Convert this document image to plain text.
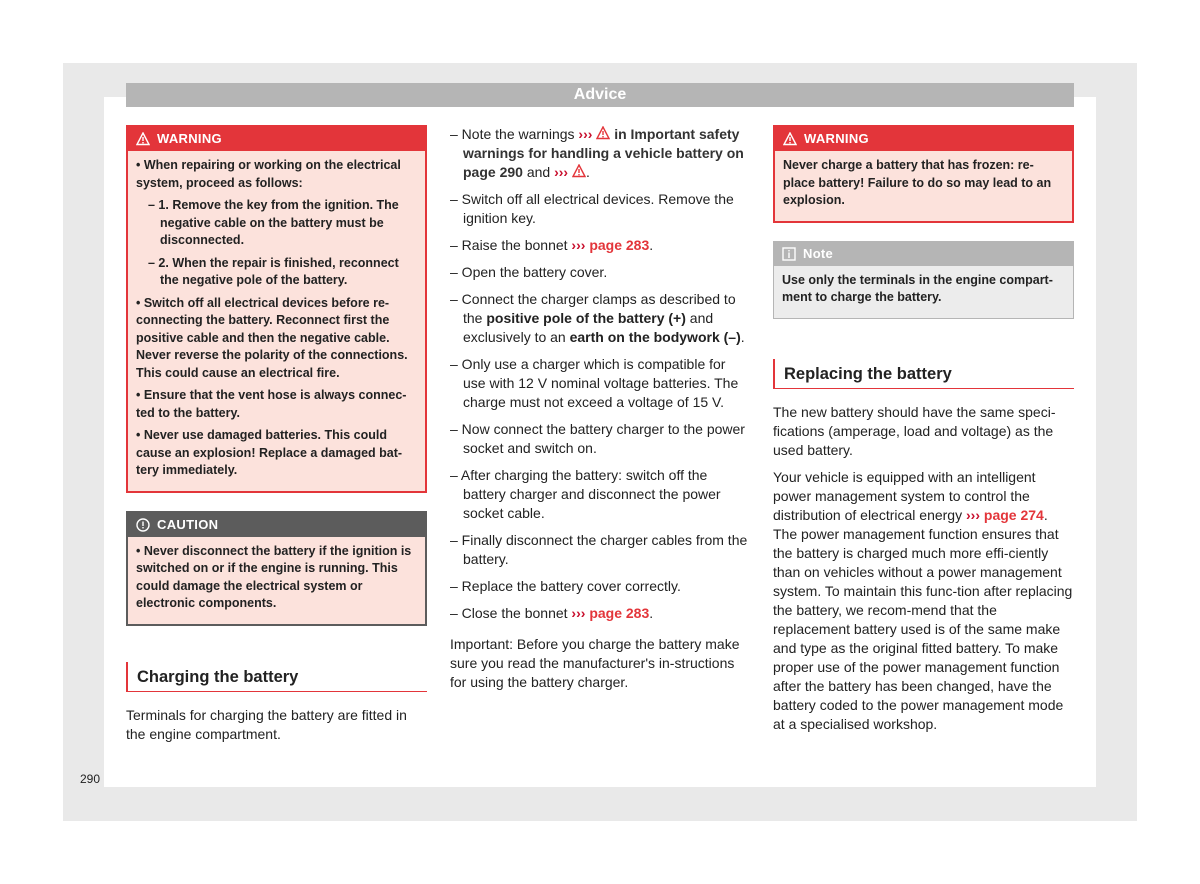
Advice
WARNING

• When repairing or working on the electrical system, proceed as follows:

– 1. Remove the key from the ignition. The negative cable on the battery must be disconnected.

– 2. When the repair is finished, reconnect the negative pole of the battery.

• Switch off all electrical devices before re-connecting the battery. Reconnect first the positive cable and then the negative cable. Never reverse the polarity of the connections. This could cause an electrical fire.

• Ensure that the vent hose is always connec-ted to the battery.

• Never use damaged batteries. This could cause an explosion! Replace a damaged bat-tery immediately.

CAUTION

• Never disconnect the battery if the ignition is switched on or if the engine is running. This could damage the electrical system or electronic components.

Charging the battery

Terminals for charging the battery are fitted in the engine compartment.

– Note the warnings ››› in Important safety warnings for handling a vehicle battery on page 290 and ››› .

– Switch off all electrical devices. Remove the ignition key.

– Raise the bonnet ››› page 283.

– Open the battery cover.

– Connect the charger clamps as described to the positive pole of the battery (+) and exclusively to an earth on the bodywork (–).

– Only use a charger which is compatible for use with 12 V nominal voltage batteries. The charge must not exceed a voltage of 15 V.

– Now connect the battery charger to the power socket and switch on.

– After charging the battery: switch off the battery charger and disconnect the power socket cable.

– Finally disconnect the charger cables from the battery.

– Replace the battery cover correctly.

– Close the bonnet ››› page 283.

Important: Before you charge the battery make sure you read the manufacturer's in-structions for using the battery charger.

WARNING

Never charge a battery that has frozen: re-place battery! Failure to do so may lead to an explosion.

Note

Use only the terminals in the engine compart-ment to charge the battery.

Replacing the battery

The new battery should have the same speci-fications (amperage, load and voltage) as the used battery.

Your vehicle is equipped with an intelligent power management system to control the distribution of electrical energy ››› page 274. The power management function ensures that the battery is charged much more effi-ciently than on vehicles without a power management system. To maintain this func-tion after replacing the battery, we recom-mend that the replacement battery used is of the same make and type as the original fitted battery. To make proper use of the power management function after the battery has been changed, have the battery coded to the power management mode at a specialised workshop.

290
